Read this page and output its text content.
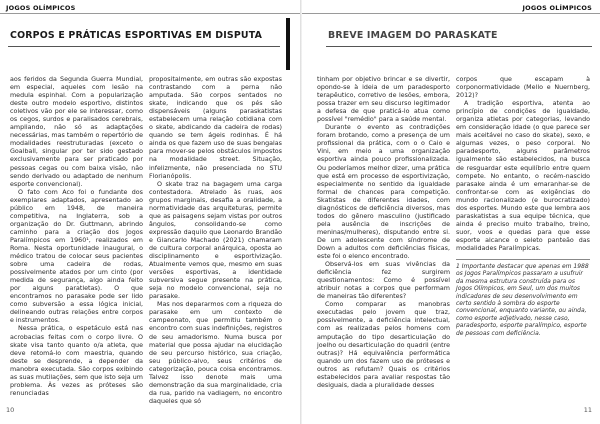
JOGOS OLÍMPICOS
CORPOS E PRÁTICAS ESPORTIVAS EM DISPUTA

aos feridos da Segunda Guerra Mundial, em especial, aqueles com lesão na medula espinhal. Com a popularização deste outro modelo esportivo, distintos coletivos vão por ele se interessar, como os cegos, surdos e paralisados cerebrais, ampliando, não só as adaptações necessárias, mas também o repertório de modalidades reestruturadas (exceto o Goalball, singular por ter sido gestado exclusivamente para ser praticado por pessoas cegas ou com baixa visão, não sendo derivado ou adaptado de nenhum esporte convencional).

O fato com Aco foi o fundante dos exemplares adaptados, apresentado ao público em 1948, de maneira competitiva, na Inglaterra, sob a organização do Dr. Guttmann, abrindo caminho para a criação dos Jogos Paralímpicos em 1960¹, realizados em Roma. Nesta oportunidade inaugural, o médico tratou de colocar seus pacientes sobre uma cadeira de rodas, possivelmente atados por um cinto (por medida de segurança, algo ainda feito por alguns paratletas). O que encontramos no parasake pode ser lido como subversão a essa lógica inicial, delineando outras relações entre corpos e instrumentos.

Nessa prática, o espetáculo está nas acrobacias feitas com o corpo livre. O skate visa tanto quanto o/a atleta, que deve retomá-lo com maestria, quando deste se desprende, a depender da manobra executada. São corpos exibindo as suas mutilações, sem que isto seja um problema. Às vezes as próteses são renunciadas

propositalmente, em outras são expostas contrastando com a perna não amputada. São corpos sentados no skate, indicando que os pés são dispensáveis (alguns paraskatistas estabelecem uma relação cotidiana com o skate, abdicando da cadeira de rodas) quando se tem ágeis rodinhas. É há ainda os que fazem uso de suas bengalas para mover-se pelos obstáculos impostos na modalidade street. Situação, infelizmente, não presenciada no STU Florianópolis.

O skate traz na bagagem uma carga contestadora. Atrelado às ruas, aos grupos marginais, desafia a oralidade, a normatividade das arquiteturas, permite que as paisagens sejam vistas por outros ângulos, consolidando-se como expressão daquilo que Leonardo Brandão e Giancarlo Machado (2021) chamaram de cultura corporal anárquica, oposta ao disciplinamento e esportivização. Atualmente vemos que, mesmo em suas versões esportivas, a identidade subversiva segue presente na prática, seja no modelo convencional, seja no parasake.

Mas nos depararmos com a riqueza do parasake em um contexto de campeonato, que permitiu também o encontro com suas indefinições, registros de seu amadorismo. Numa busca por material que possa ajudar na elucidação de seu percurso histórico, sua criação, seu público-alvo, seus critérios de categorização, pouca coisa encontramos. Talvez isso denote mais uma demonstração da sua marginalidade, cria da rua, parido na vadiagem, no encontro daqueles que só

10
JOGOS OLÍMPICOS
BREVE IMAGEM DO PARASKATE

tinham por objetivo brincar e se divertir, opondo-se à ideia de um paradesporto terapêutico, corretivo de lesões, embora, possa trazer em seu discurso legitimador a defesa de que praticá-lo atua como possível "remédio" para a saúde mental.

Durante o evento as contradições foram brotando, como a presença de um profissional da prática, com o o Caio e Vini, em meio a uma organização esportiva ainda pouco profissionalizada. Ou poderíamos melhor dizer, uma prática que está em processo de esportivização, especialmente no sentido da igualdade formal de chances para competição. Skatistas de diferentes idades, com diagnósticos de deficiência diversos, mas todos do gênero masculino (justificado pela ausência de inscrições de meninas/mulheres), disputando entre si. De um adolescente com síndrome de Down a adultos com deficiências físicas, este foi o elenco encontrado.

Observá-los em suas vivências da deficiência fez surgirem questionamentos: Como é possível atribuir notas a corpos que performam de maneiras tão diferentes?

Como comparar as manobras executadas pelo jovem que traz, possivelmente, a deficiência intelectual, com as realizadas pelos homens com amputação do tipo desarticulação do joelho ou desarticulação do quadril (entre outras)? Há equivalência performática quando um dos fazem uso de próteses e outros as refutam? Quais os critérios estabelecidos para avaliar respostas tão desiguais, dada a pluralidade desses

corpos que escapam à corponormatividade (Mello e Nuernberg, 2012)?

A tradição esportiva, atenta ao princípio de condições de igualdade, organiza atletas por categorias, levando em consideração idade (o que parece ser mais aceitável no caso do skate), sexo, e algumas vezes, o peso corporal. No paradesporto, alguns parâmetros igualmente são estabelecidos, na busca de resguardar este equilíbrio entre quem compete. No entanto, o recém-nascido parasake ainda é um emaranhar-se de confrontar-se com as exigências do mundo racionalizado (e burocratizado) dos esportes. Mundo este que lembra aos paraskatistas a sua equipe técnica, que ainda é preciso muito trabalho, treino, suor, voos e quedas para que esse esporte alcance o seleto panteão das modalidades Paralímpicas.

1 Importante destacar que apenas em 1988 os Jogos Paralímpicos passaram a usufruir da mesma estrutura construída para os Jogos Olímpicos, em Seul, um dos muitos indicadores de seu desenvolvimento em certo sentido à sombra do esporte convencional, enquanto variante, ou ainda, como esporte adjetivado, nesse caso, paradesporto, esporte paralímpico, esporte de pessoas com deficiência.
11
